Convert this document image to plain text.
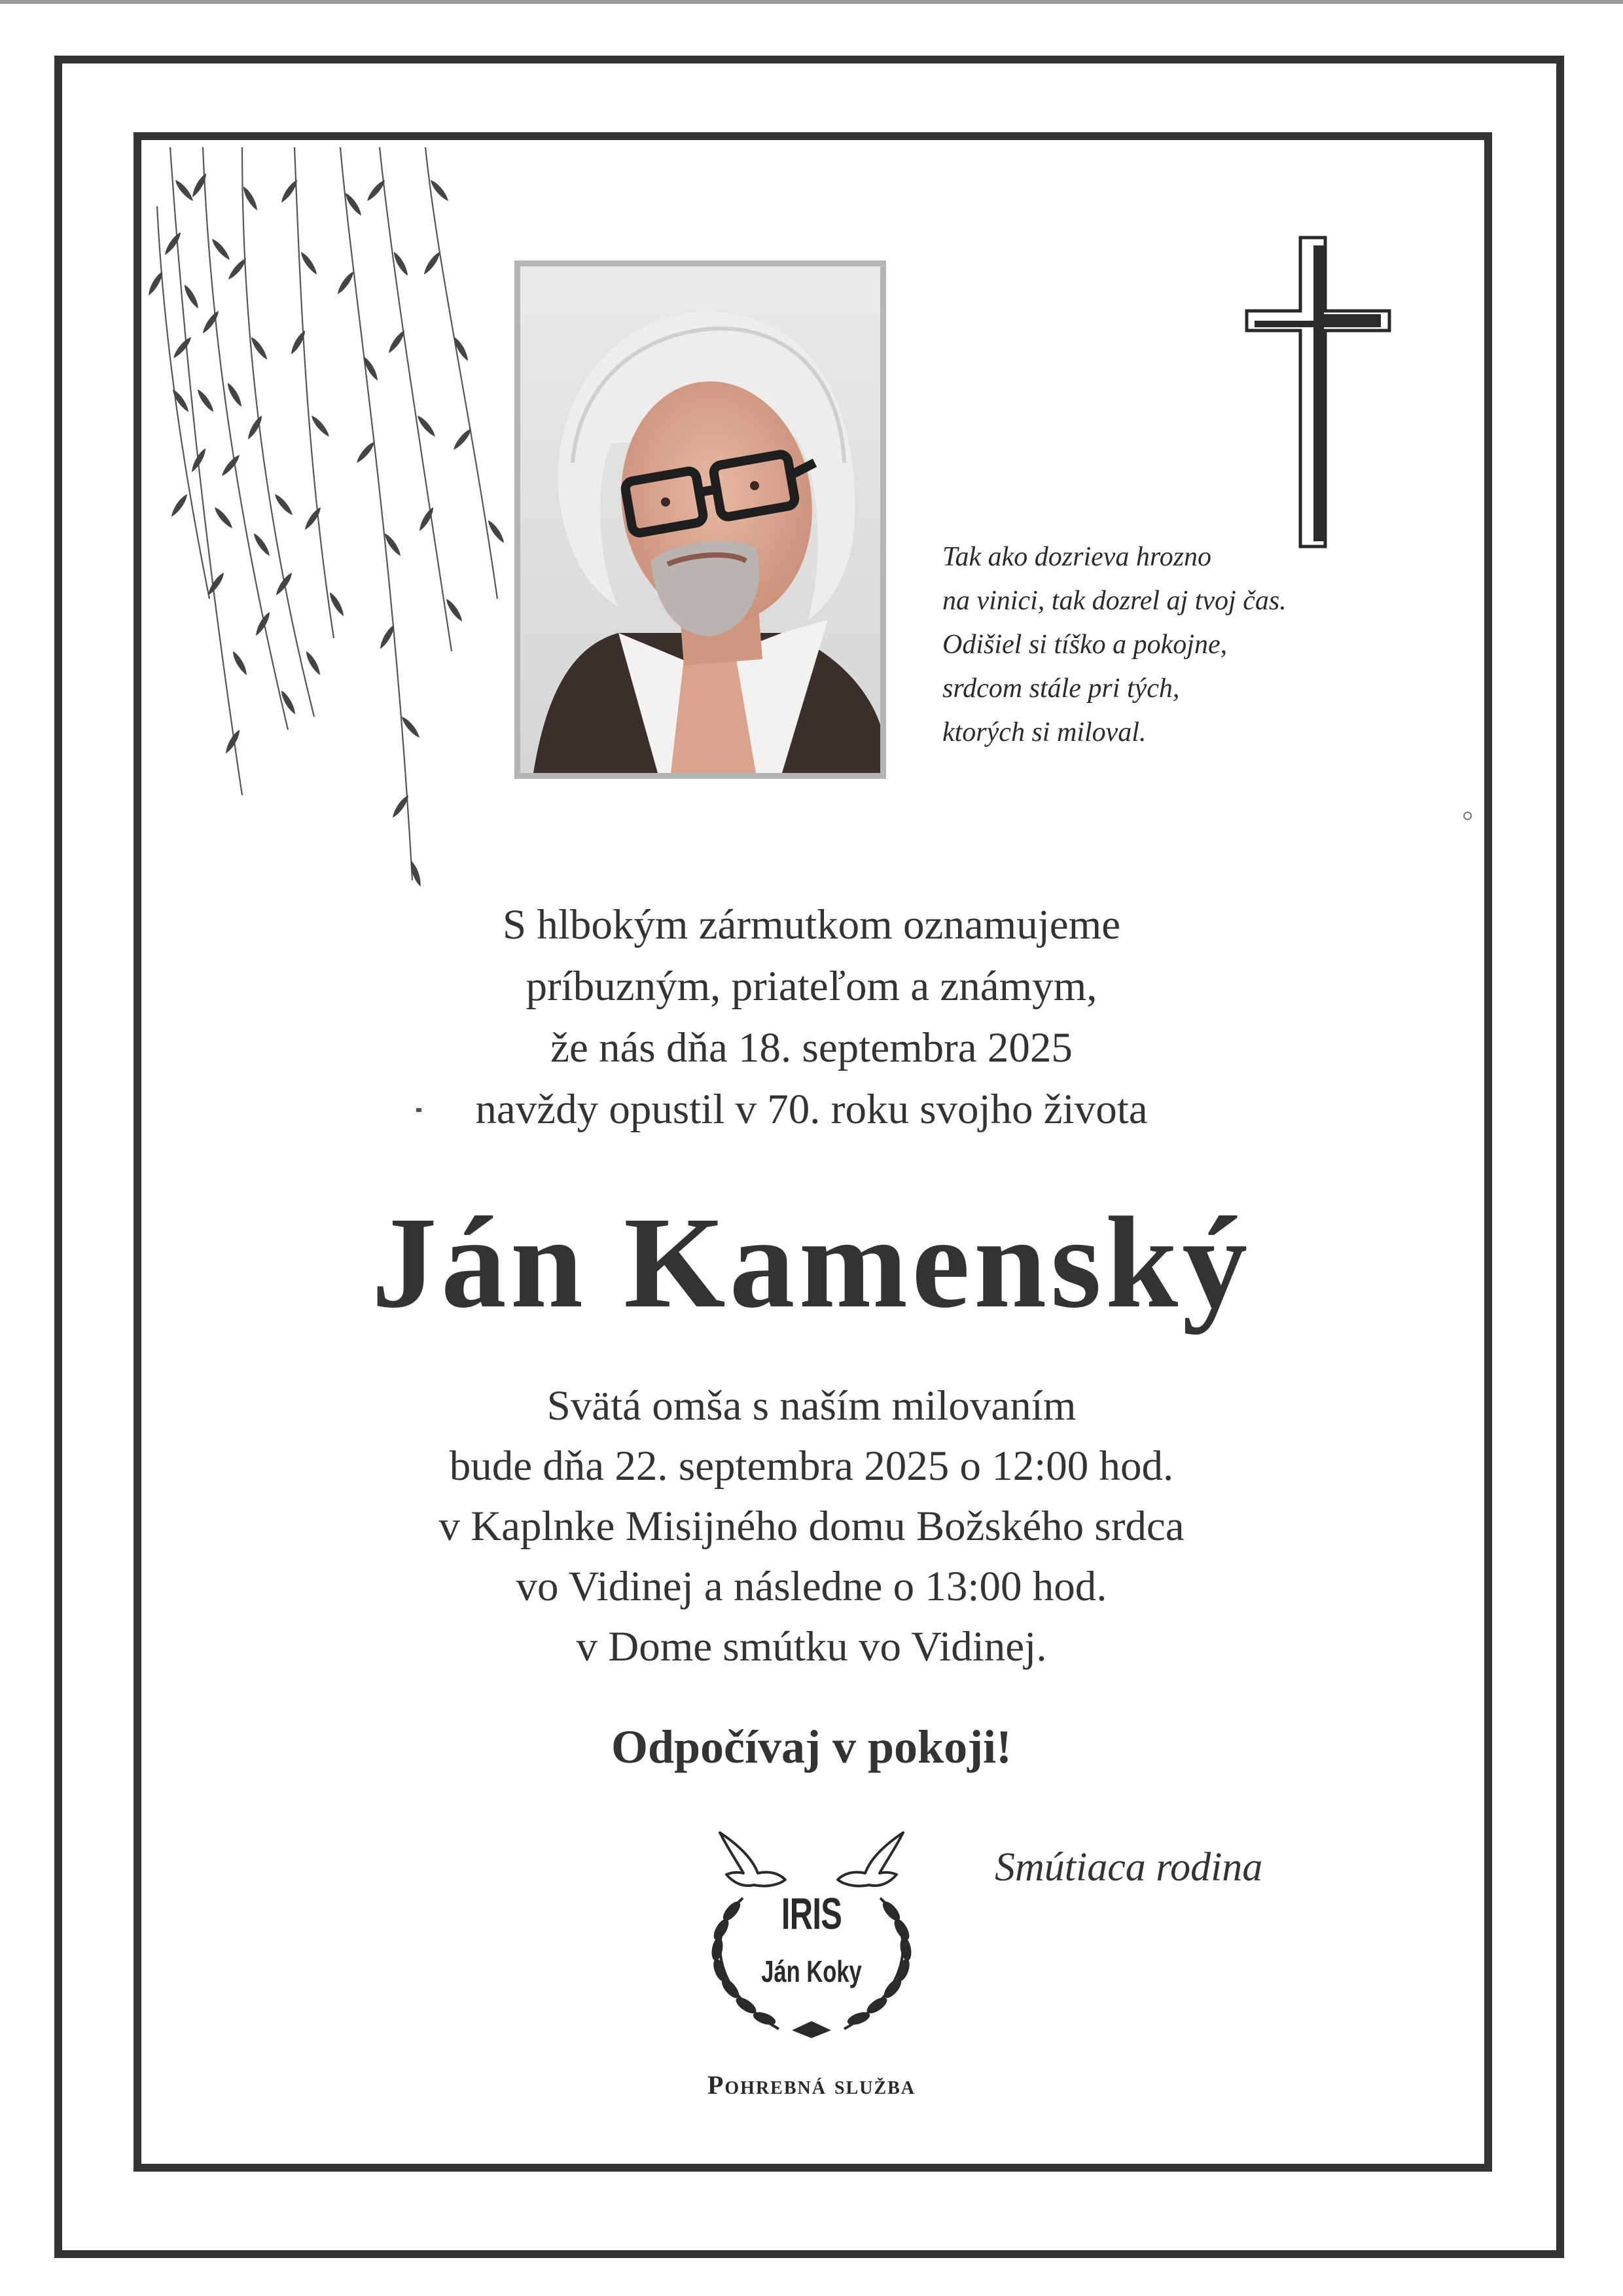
Tak ako dozrieva hrozno
na vinici, tak dozrel aj tvoj čas.
Odišiel si tíško a pokojne,
srdcom stále pri tých,
ktorých si miloval.
S hlbokým zármutkom oznamujeme
príbuzným, priateľom a známym,
že nás dňa 18. septembra 2025
navždy opustil v 70. roku svojho života
Ján Kamenský
Svätá omša s naším milovaním
bude dňa 22. septembra 2025 o 12:00 hod.
v Kaplnke Misijného domu Božského srdca
vo Vidinej a následne o 13:00 hod.
v Dome smútku vo Vidinej.
Odpočívaj v pokoji!
IRIS
Ján Koky
Pohrebná služba
Smútiaca rodina
